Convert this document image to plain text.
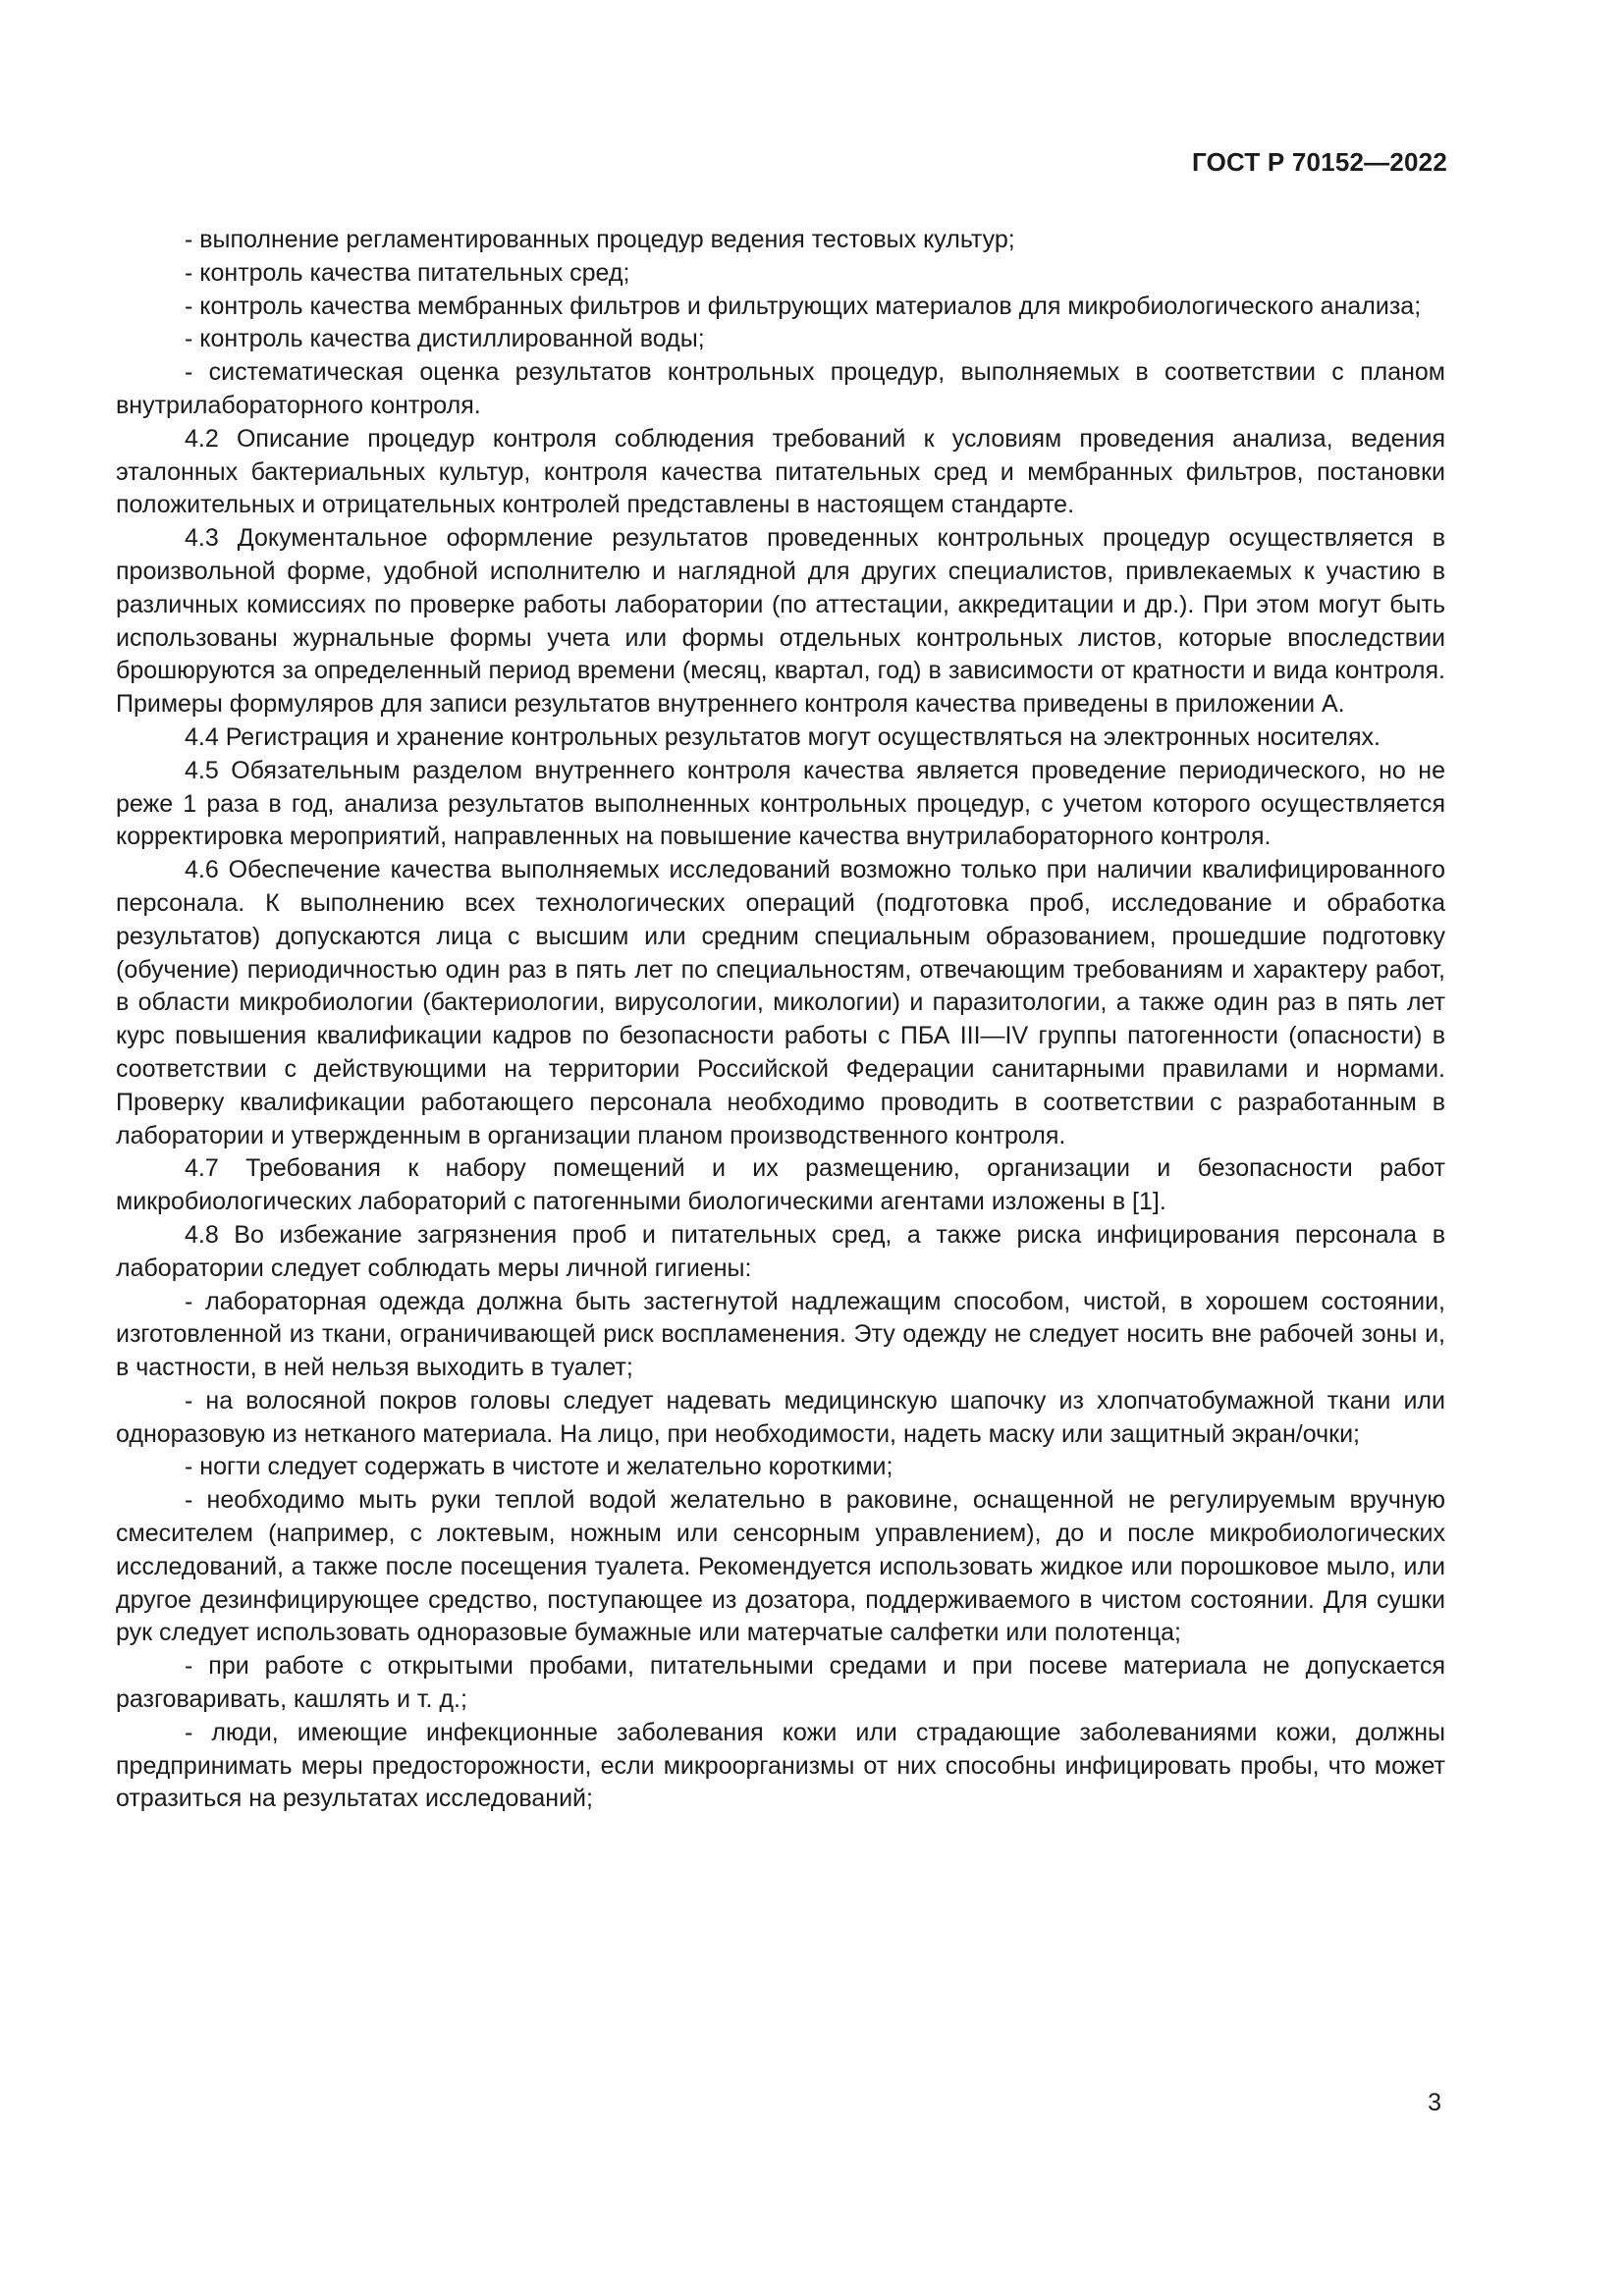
ГОСТ Р 70152—2022

- выполнение регламентированных процедур ведения тестовых культур;

- контроль качества питательных сред;

- контроль качества мембранных фильтров и фильтрующих материалов для микробиологического анализа;

- контроль качества дистиллированной воды;

- систематическая оценка результатов контрольных процедур, выполняемых в соответствии с планом внутрилабораторного контроля.

4.2 Описание процедур контроля соблюдения требований к условиям проведения анализа, ведения эталонных бактериальных культур, контроля качества питательных сред и мембранных фильтров, постановки положительных и отрицательных контролей представлены в настоящем стандарте.

4.3 Документальное оформление результатов проведенных контрольных процедур осуществляется в произвольной форме, удобной исполнителю и наглядной для других специалистов, привлекаемых к участию в различных комиссиях по проверке работы лаборатории (по аттестации, аккредитации и др.). При этом могут быть использованы журнальные формы учета или формы отдельных контрольных листов, которые впоследствии брошюруются за определенный период времени (месяц, квартал, год) в зависимости от кратности и вида контроля. Примеры формуляров для записи результатов внутреннего контроля качества приведены в приложении А.

4.4 Регистрация и хранение контрольных результатов могут осуществляться на электронных носителях.

4.5 Обязательным разделом внутреннего контроля качества является проведение периодического, но не реже 1 раза в год, анализа результатов выполненных контрольных процедур, с учетом которого осуществляется корректировка мероприятий, направленных на повышение качества внутрилабораторного контроля.

4.6 Обеспечение качества выполняемых исследований возможно только при наличии квалифицированного персонала. К выполнению всех технологических операций (подготовка проб, исследование и обработка результатов) допускаются лица с высшим или средним специальным образованием, прошедшие подготовку (обучение) периодичностью один раз в пять лет по специальностям, отвечающим требованиям и характеру работ, в области микробиологии (бактериологии, вирусологии, микологии) и паразитологии, а также один раз в пять лет курс повышения квалификации кадров по безопасности работы с ПБА III—IV группы патогенности (опасности) в соответствии с действующими на территории Российской Федерации санитарными правилами и нормами. Проверку квалификации работающего персонала необходимо проводить в соответствии с разработанным в лаборатории и утвержденным в организации планом производственного контроля.

4.7 Требования к набору помещений и их размещению, организации и безопасности работ микробиологических лабораторий с патогенными биологическими агентами изложены в [1].

4.8 Во избежание загрязнения проб и питательных сред, а также риска инфицирования персонала в лаборатории следует соблюдать меры личной гигиены:

- лабораторная одежда должна быть застегнутой надлежащим способом, чистой, в хорошем состоянии, изготовленной из ткани, ограничивающей риск воспламенения. Эту одежду не следует носить вне рабочей зоны и, в частности, в ней нельзя выходить в туалет;

- на волосяной покров головы следует надевать медицинскую шапочку из хлопчатобумажной ткани или одноразовую из нетканого материала. На лицо, при необходимости, надеть маску или защитный экран/очки;

- ногти следует содержать в чистоте и желательно короткими;

- необходимо мыть руки теплой водой желательно в раковине, оснащенной не регулируемым вручную смесителем (например, с локтевым, ножным или сенсорным управлением), до и после микробиологических исследований, а также после посещения туалета. Рекомендуется использовать жидкое или порошковое мыло, или другое дезинфицирующее средство, поступающее из дозатора, поддерживаемого в чистом состоянии. Для сушки рук следует использовать одноразовые бумажные или матерчатые салфетки или полотенца;

- при работе с открытыми пробами, питательными средами и при посеве материала не допускается разговаривать, кашлять и т. д.;

- люди, имеющие инфекционные заболевания кожи или страдающие заболеваниями кожи, должны предпринимать меры предосторожности, если микроорганизмы от них способны инфицировать пробы, что может отразиться на результатах исследований;

3
